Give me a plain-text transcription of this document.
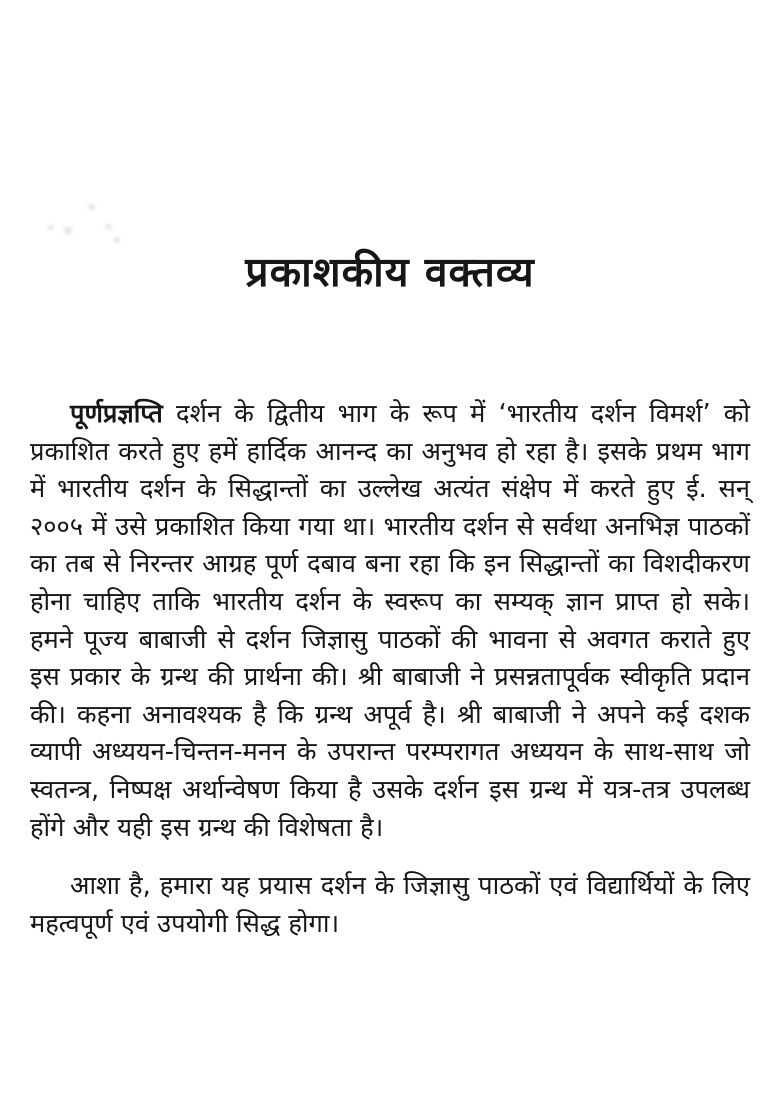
प्रकाशकीय वक्तव्य

पूर्णप्रज्ञप्ति दर्शन के द्वितीय भाग के रूप में ‘भारतीय दर्शन विमर्श’ को प्रकाशित करते हुए हमें हार्दिक आनन्द का अनुभव हो रहा है। इसके प्रथम भाग में भारतीय दर्शन के सिद्धान्तों का उल्लेख अत्यंत संक्षेप में करते हुए ई. सन् २००५ में उसे प्रकाशित किया गया था। भारतीय दर्शन से सर्वथा अनभिज्ञ पाठकों का तब से निरन्तर आग्रह पूर्ण दबाव बना रहा कि इन सिद्धान्तों का विशदीकरण होना चाहिए ताकि भारतीय दर्शन के स्वरूप का सम्यक् ज्ञान प्राप्त हो सके। हमने पूज्य बाबाजी से दर्शन जिज्ञासु पाठकों की भावना से अवगत कराते हुए इस प्रकार के ग्रन्थ की प्रार्थना की। श्री बाबाजी ने प्रसन्नतापूर्वक स्वीकृति प्रदान की। कहना अनावश्यक है कि ग्रन्थ अपूर्व है। श्री बाबाजी ने अपने कई दशक व्यापी अध्ययन-चिन्तन-मनन के उपरान्त परम्परागत अध्ययन के साथ-साथ जो स्वतन्त्र, निष्पक्ष अर्थान्वेषण किया है उसके दर्शन इस ग्रन्थ में यत्र-तत्र उपलब्ध होंगे और यही इस ग्रन्थ की विशेषता है।

आशा है, हमारा यह प्रयास दर्शन के जिज्ञासु पाठकों एवं विद्यार्थियों के लिए महत्वपूर्ण एवं उपयोगी सिद्ध होगा।
